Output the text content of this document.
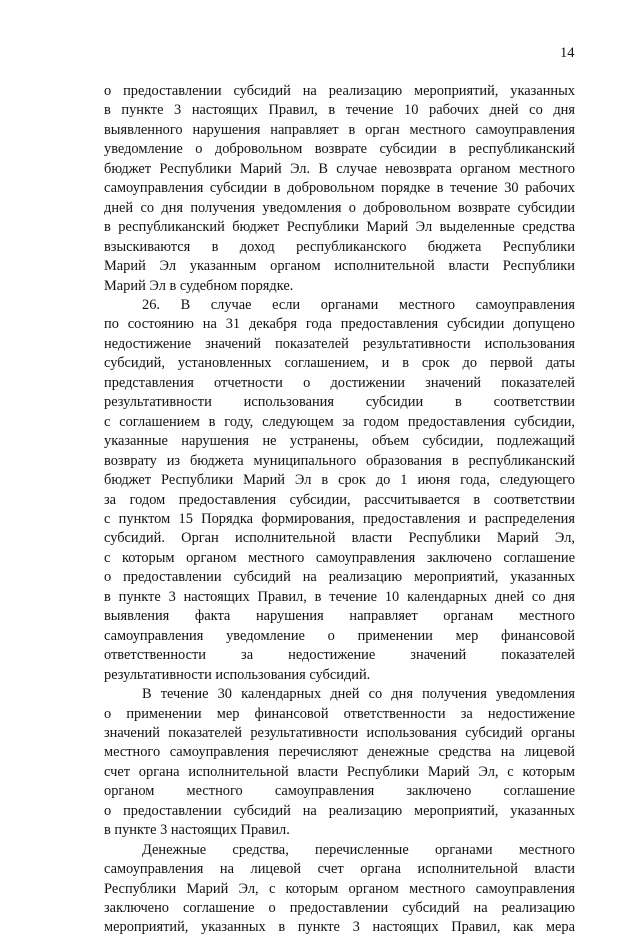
14

о предоставлении субсидий на реализацию мероприятий, указанных
в пункте 3 настоящих Правил, в течение 10 рабочих дней со дня
выявленного нарушения направляет в орган местного самоуправления
уведомление о добровольном возврате субсидии в республиканский
бюджет Республики Марий Эл. В случае невозврата органом местного
самоуправления субсидии в добровольном порядке в течение 30 рабочих
дней со дня получения уведомления о добровольном возврате субсидии
в республиканский бюджет Республики Марий Эл выделенные средства
взыскиваются в доход республиканского бюджета Республики
Марий Эл указанным органом исполнительной власти Республики
Марий Эл в судебном порядке.

26. В случае если органами местного самоуправления
по состоянию на 31 декабря года предоставления субсидии допущено
недостижение значений показателей результативности использования
субсидий, установленных соглашением, и в срок до первой даты
представления отчетности о достижении значений показателей
результативности использования субсидии в соответствии
с соглашением в году, следующем за годом предоставления субсидии,
указанные нарушения не устранены, объем субсидии, подлежащий
возврату из бюджета муниципального образования в республиканский
бюджет Республики Марий Эл в срок до 1 июня года, следующего
за годом предоставления субсидии, рассчитывается в соответствии
с пунктом 15 Порядка формирования, предоставления и распределения
субсидий. Орган исполнительной власти Республики Марий Эл,
с которым органом местного самоуправления заключено соглашение
о предоставлении субсидий на реализацию мероприятий, указанных
в пункте 3 настоящих Правил, в течение 10 календарных дней со дня
выявления факта нарушения направляет органам местного
самоуправления уведомление о применении мер финансовой
ответственности за недостижение значений показателей
результативности использования субсидий.

В течение 30 календарных дней со дня получения уведомления
о применении мер финансовой ответственности за недостижение
значений показателей результативности использования субсидий органы
местного самоуправления перечисляют денежные средства на лицевой
счет органа исполнительной власти Республики Марий Эл, с которым
органом местного самоуправления заключено соглашение
о предоставлении субсидий на реализацию мероприятий, указанных
в пункте 3 настоящих Правил.

Денежные средства, перечисленные органами местного
самоуправления на лицевой счет органа исполнительной власти
Республики Марий Эл, с которым органом местного самоуправления
заключено соглашение о предоставлении субсидий на реализацию
мероприятий, указанных в пункте 3 настоящих Правил, как мера
